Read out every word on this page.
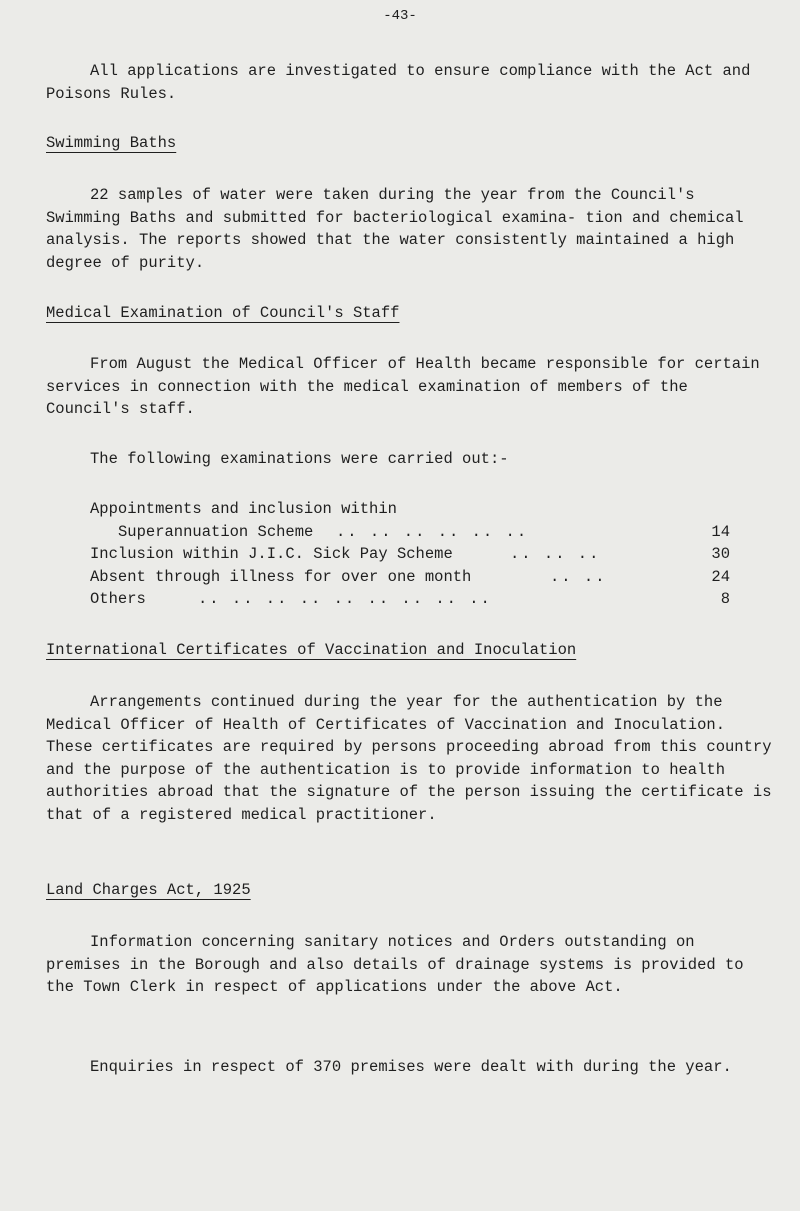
-43-

All applications are investigated to ensure compliance with the Act and Poisons Rules.

Swimming Baths

22 samples of water were taken during the year from the Council's Swimming Baths and submitted for bacteriological examina- tion and chemical analysis. The reports showed that the water consistently maintained a high degree of purity.

Medical Examination of Council's Staff

From August the Medical Officer of Health became responsible for certain services in connection with the medical examination of members of the Council's staff.

The following examinations were carried out:-

Appointments and inclusion within
Superannuation Scheme .. .. .. .. .. ..	14
Inclusion within J.I.C. Sick Pay Scheme	.. .. ..	30
Absent through illness for over one month	.. ..	24
Others	.. .. .. .. .. .. .. .. ..	8
International Certificates of Vaccination and Inoculation

Arrangements continued during the year for the authentication by the Medical Officer of Health of Certificates of Vaccination and Inoculation. These certificates are required by persons proceeding abroad from this country and the purpose of the authentication is to provide information to health authorities abroad that the signature of the person issuing the certificate is that of a registered medical practitioner.

Land Charges Act, 1925

Information concerning sanitary notices and Orders outstanding on premises in the Borough and also details of drainage systems is provided to the Town Clerk in respect of applications under the above Act.

Enquiries in respect of 370 premises were dealt with during the year.
